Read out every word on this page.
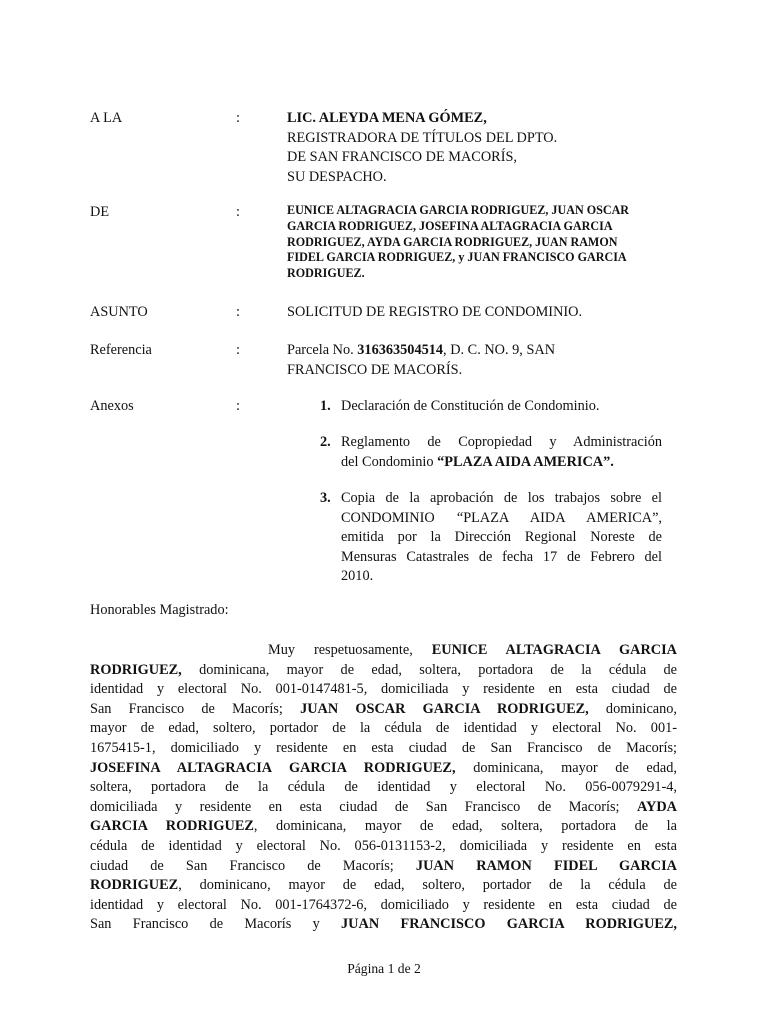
A LA	:	LIC. ALEYDA MENA GÓMEZ,
REGISTRADORA DE TÍTULOS DEL DPTO.
DE SAN FRANCISCO DE MACORÍS,
SU DESPACHO.
DE	:	EUNICE ALTAGRACIA GARCIA RODRIGUEZ, JUAN OSCAR
GARCIA RODRIGUEZ, JOSEFINA ALTAGRACIA GARCIA
RODRIGUEZ, AYDA GARCIA RODRIGUEZ, JUAN RAMON
FIDEL GARCIA RODRIGUEZ, y JUAN FRANCISCO GARCIA
RODRIGUEZ.
ASUNTO	:	SOLICITUD DE REGISTRO DE CONDOMINIO.
Referencia	:	Parcela No. 316363504514, D. C. NO. 9, SAN
FRANCISCO DE MACORÍS.
Anexos	:	1. Declaración de Constitución de Condominio.
2. Reglamento de Copropiedad y Administración
del Condominio “PLAZA AIDA AMERICA”.
3. Copia de la aprobación de los trabajos sobre el
CONDOMINIO “PLAZA AIDA AMERICA”,
emitida por la Dirección Regional Noreste de
Mensuras Catastrales de fecha 17 de Febrero del
2010.
Honorables Magistrado:
Muy respetuosamente, EUNICE ALTAGRACIA GARCIA
RODRIGUEZ, dominicana, mayor de edad, soltera, portadora de la cédula de
identidad y electoral No. 001-0147481-5, domiciliada y residente en esta ciudad de
San Francisco de Macorís; JUAN OSCAR GARCIA RODRIGUEZ, dominicano,
mayor de edad, soltero, portador de la cédula de identidad y electoral No. 001-
1675415-1, domiciliado y residente en esta ciudad de San Francisco de Macorís;
JOSEFINA ALTAGRACIA GARCIA RODRIGUEZ, dominicana, mayor de edad,
soltera, portadora de la cédula de identidad y electoral No. 056-0079291-4,
domiciliada y residente en esta ciudad de San Francisco de Macorís; AYDA
GARCIA RODRIGUEZ, dominicana, mayor de edad, soltera, portadora de la
cédula de identidad y electoral No. 056-0131153-2, domiciliada y residente en esta
ciudad de San Francisco de Macorís; JUAN RAMON FIDEL GARCIA
RODRIGUEZ, dominicano, mayor de edad, soltero, portador de la cédula de
identidad y electoral No. 001-1764372-6, domiciliado y residente en esta ciudad de
San Francisco de Macorís y JUAN FRANCISCO GARCIA RODRIGUEZ,
Página 1 de 2
